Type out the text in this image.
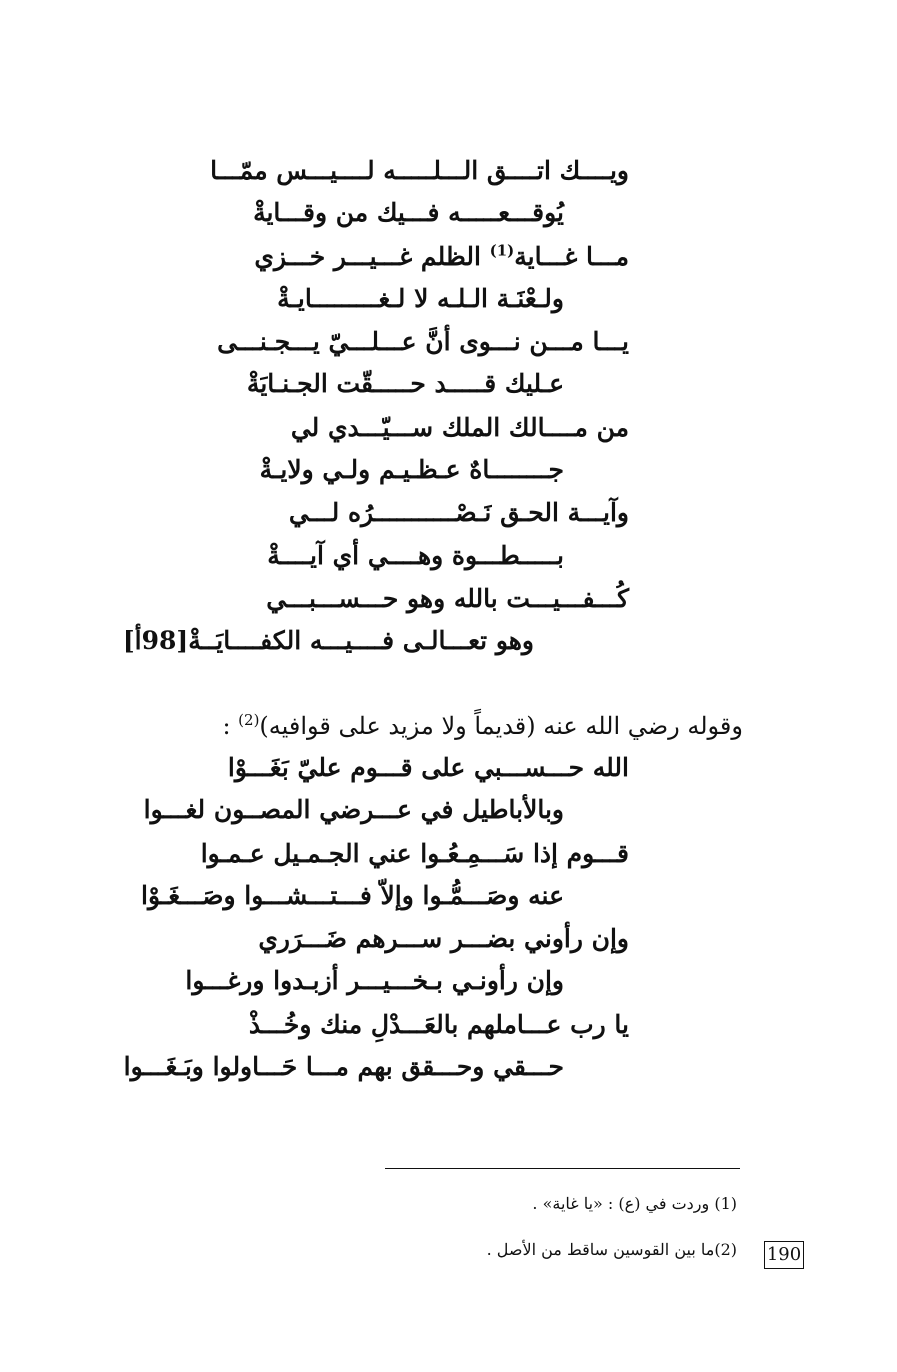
ويــــك اتــــق الـــلـــــه لــــيـــس ممّـــا
يُوقـــعـــــه فـــيك من وقـــايةْ
مـــا غـــاية$^{(1)}$ الظلم غـــيـــر خـــزي
ولـعْنَـة الـلـه لا لـغـــــــــايـةْ
يـــا مـــن نـــوى أنَّ عـــلـــيّ يـــجـنـــى
عـليك قـــــد حـــــقّت الجـنـايَةْ
من مــــالك الملك ســـيّـــدي لي
جــــــــاهٌ عـظـيـم ولـي ولايـةْ
وآيـــة الحـق نَـصْـــــــــــرُه لـــي
بـــــطـــوة وهــــي أي آيــــةْ
كُـــفـــيـــت بالله وهو حـــســـبـــي
وهو تعـــالـى فــــيـــه الكفــــايَــةْ[98أ]
وقوله رضي الله عنه (قديماً ولا مزيد على قوافيه)$^{(2)}$ :
الله حـــســـبي على قـــوم عليّ بَغَـــوْا
وبالأباطيل في عـــرضي المصــون لغـــوا
قـــوم إذا سَـــمِـعُـوا عني الجـمـيل عـمـوا
عنه وصَـــمُّـوا وإلاّ فـــتـــشـــوا وصَـــغَـوْا
وإن رأوني بضـــر ســـرهم ضَـــرَري
وإن رأونـي بـخـــيـــر أزبـدوا ورغـــوا
يا رب عـــاملهم بالعَـــدْلِ منك وخُـــذْ
حـــقي وحـــقق بهم مـــا حَـــاولوا وبَـغَـــوا
(1) وردت في (ع) : «يا غاية» .
(2)ما بين القوسين ساقط من الأصل . 190
